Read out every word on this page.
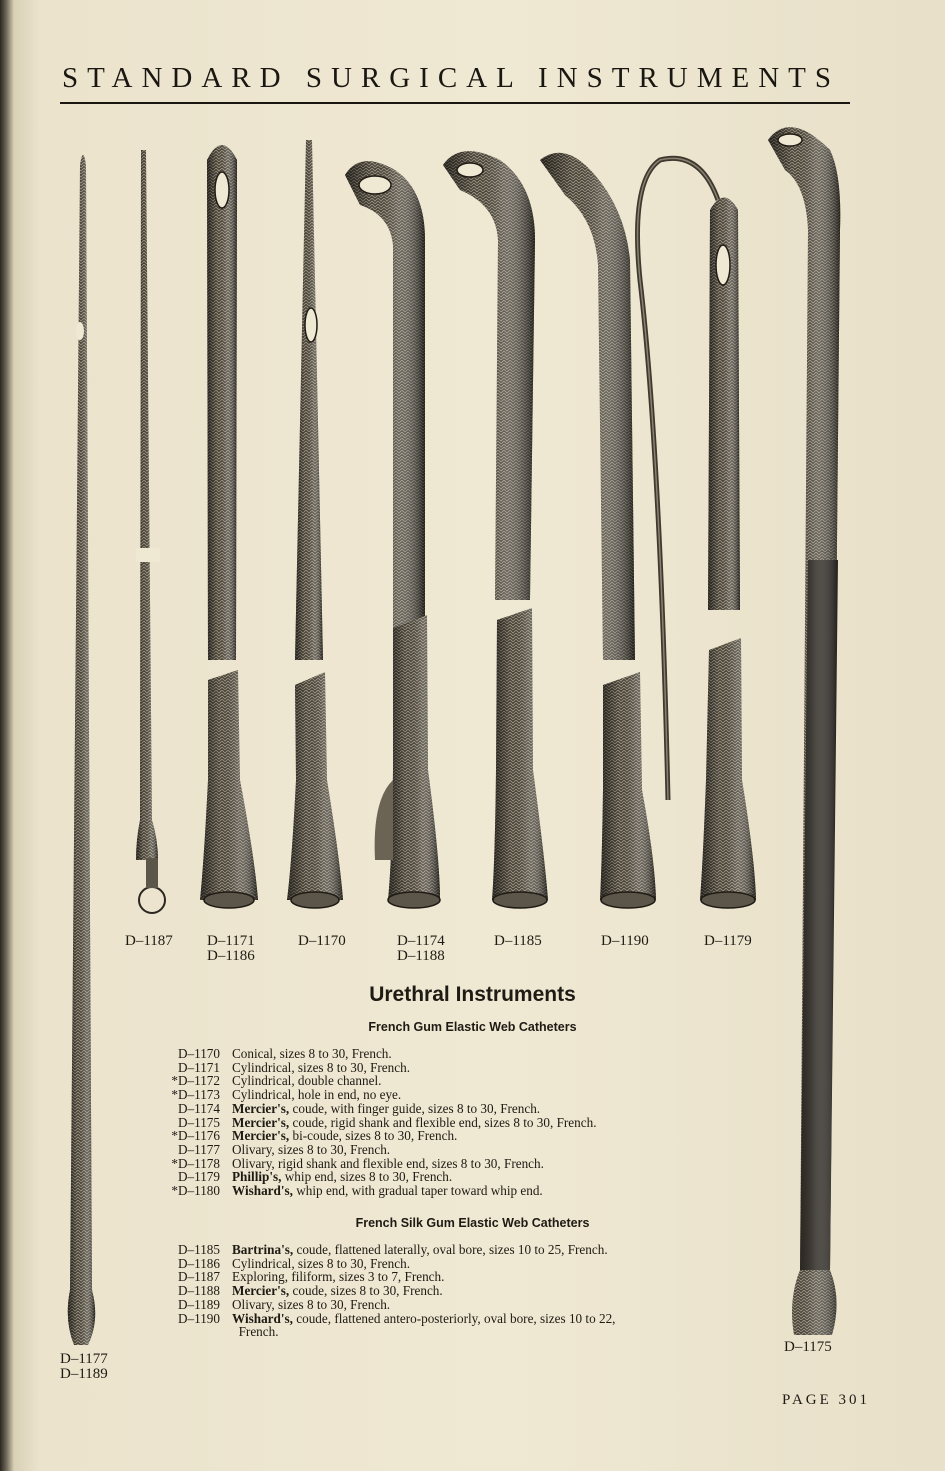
STANDARD SURGICAL INSTRUMENTS
D–1187 D–1171
D–1186
D–1170	D–1174
D–1188
D–1185	D–1190	D–1179
D–1177
D–1189
D–1175
Urethral Instruments
French Gum Elastic Web Catheters
D–1170 Conical, sizes 8 to 30, French.
D–1171 Cylindrical, sizes 8 to 30, French.
*D–1172 Cylindrical, double channel.
*D–1173 Cylindrical, hole in end, no eye.
D–1174 Mercier's, coude, with finger guide, sizes 8 to 30, French.
D–1175 Mercier's, coude, rigid shank and flexible end, sizes 8 to 30, French.
*D–1176 Mercier's, bi-coude, sizes 8 to 30, French.
D–1177 Olivary, sizes 8 to 30, French.
*D–1178 Olivary, rigid shank and flexible end, sizes 8 to 30, French.
D–1179 Phillip's, whip end, sizes 8 to 30, French.
*D–1180 Wishard's, whip end, with gradual taper toward whip end.
French Silk Gum Elastic Web Catheters
D–1185 Bartrina's, coude, flattened laterally, oval bore, sizes 10 to 25, French.
D–1186 Cylindrical, sizes 8 to 30, French.
D–1187 Exploring, filiform, sizes 3 to 7, French.
D–1188 Mercier's, coude, sizes 8 to 30, French.
D–1189 Olivary, sizes 8 to 30, French.
D–1190 Wishard's, coude, flattened antero-posteriorly, oval bore, sizes 10 to 22,
French.
PAGE 301
